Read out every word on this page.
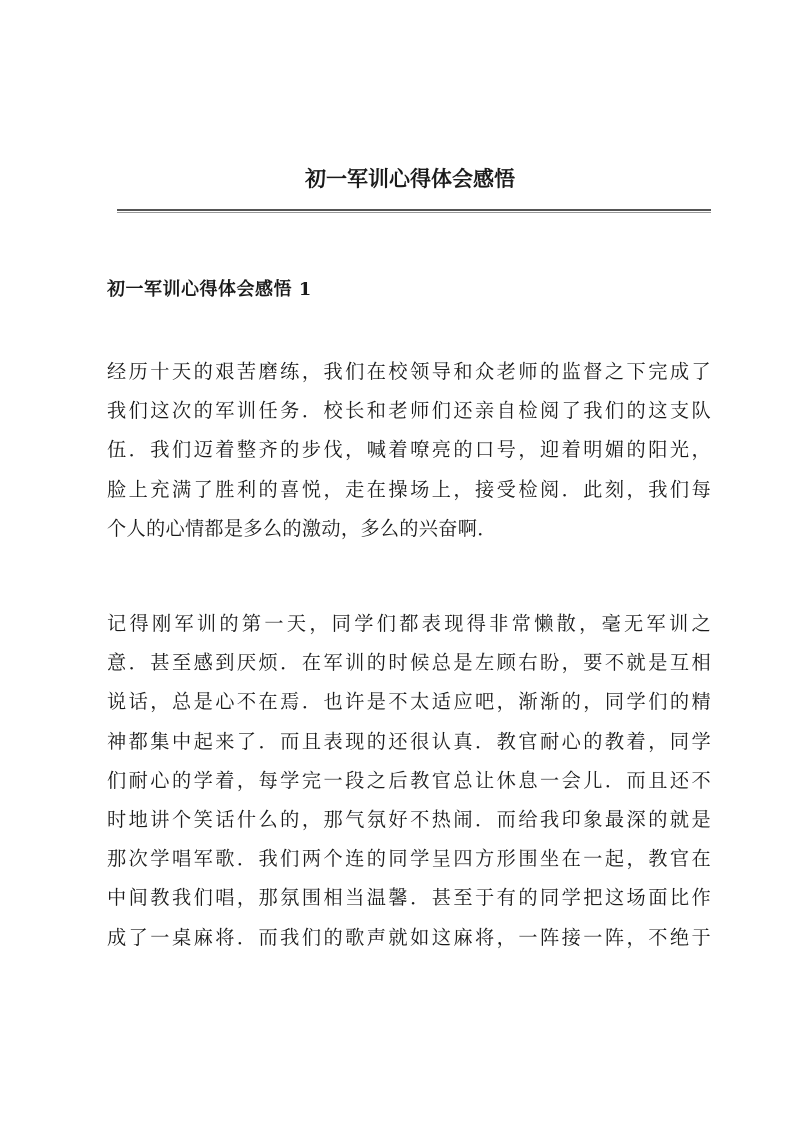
初一军训心得体会感悟
初一军训心得体会感悟 1
经历十天的艰苦磨练，我们在校领导和众老师的监督之下完成了
我们这次的军训任务．校长和老师们还亲自检阅了我们的这支队
伍．我们迈着整齐的步伐，喊着嘹亮的口号，迎着明媚的阳光，
脸上充满了胜利的喜悦，走在操场上，接受检阅．此刻，我们每
个人的心情都是多么的激动，多么的兴奋啊．
记得刚军训的第一天，同学们都表现得非常懒散，毫无军训之
意．甚至感到厌烦．在军训的时候总是左顾右盼，要不就是互相
说话，总是心不在焉．也许是不太适应吧，渐渐的，同学们的精
神都集中起来了．而且表现的还很认真．教官耐心的教着，同学
们耐心的学着，每学完一段之后教官总让休息一会儿．而且还不
时地讲个笑话什么的，那气氛好不热闹．而给我印象最深的就是
那次学唱军歌．我们两个连的同学呈四方形围坐在一起，教官在
中间教我们唱，那氛围相当温馨．甚至于有的同学把这场面比作
成了一桌麻将．而我们的歌声就如这麻将，一阵接一阵，不绝于
